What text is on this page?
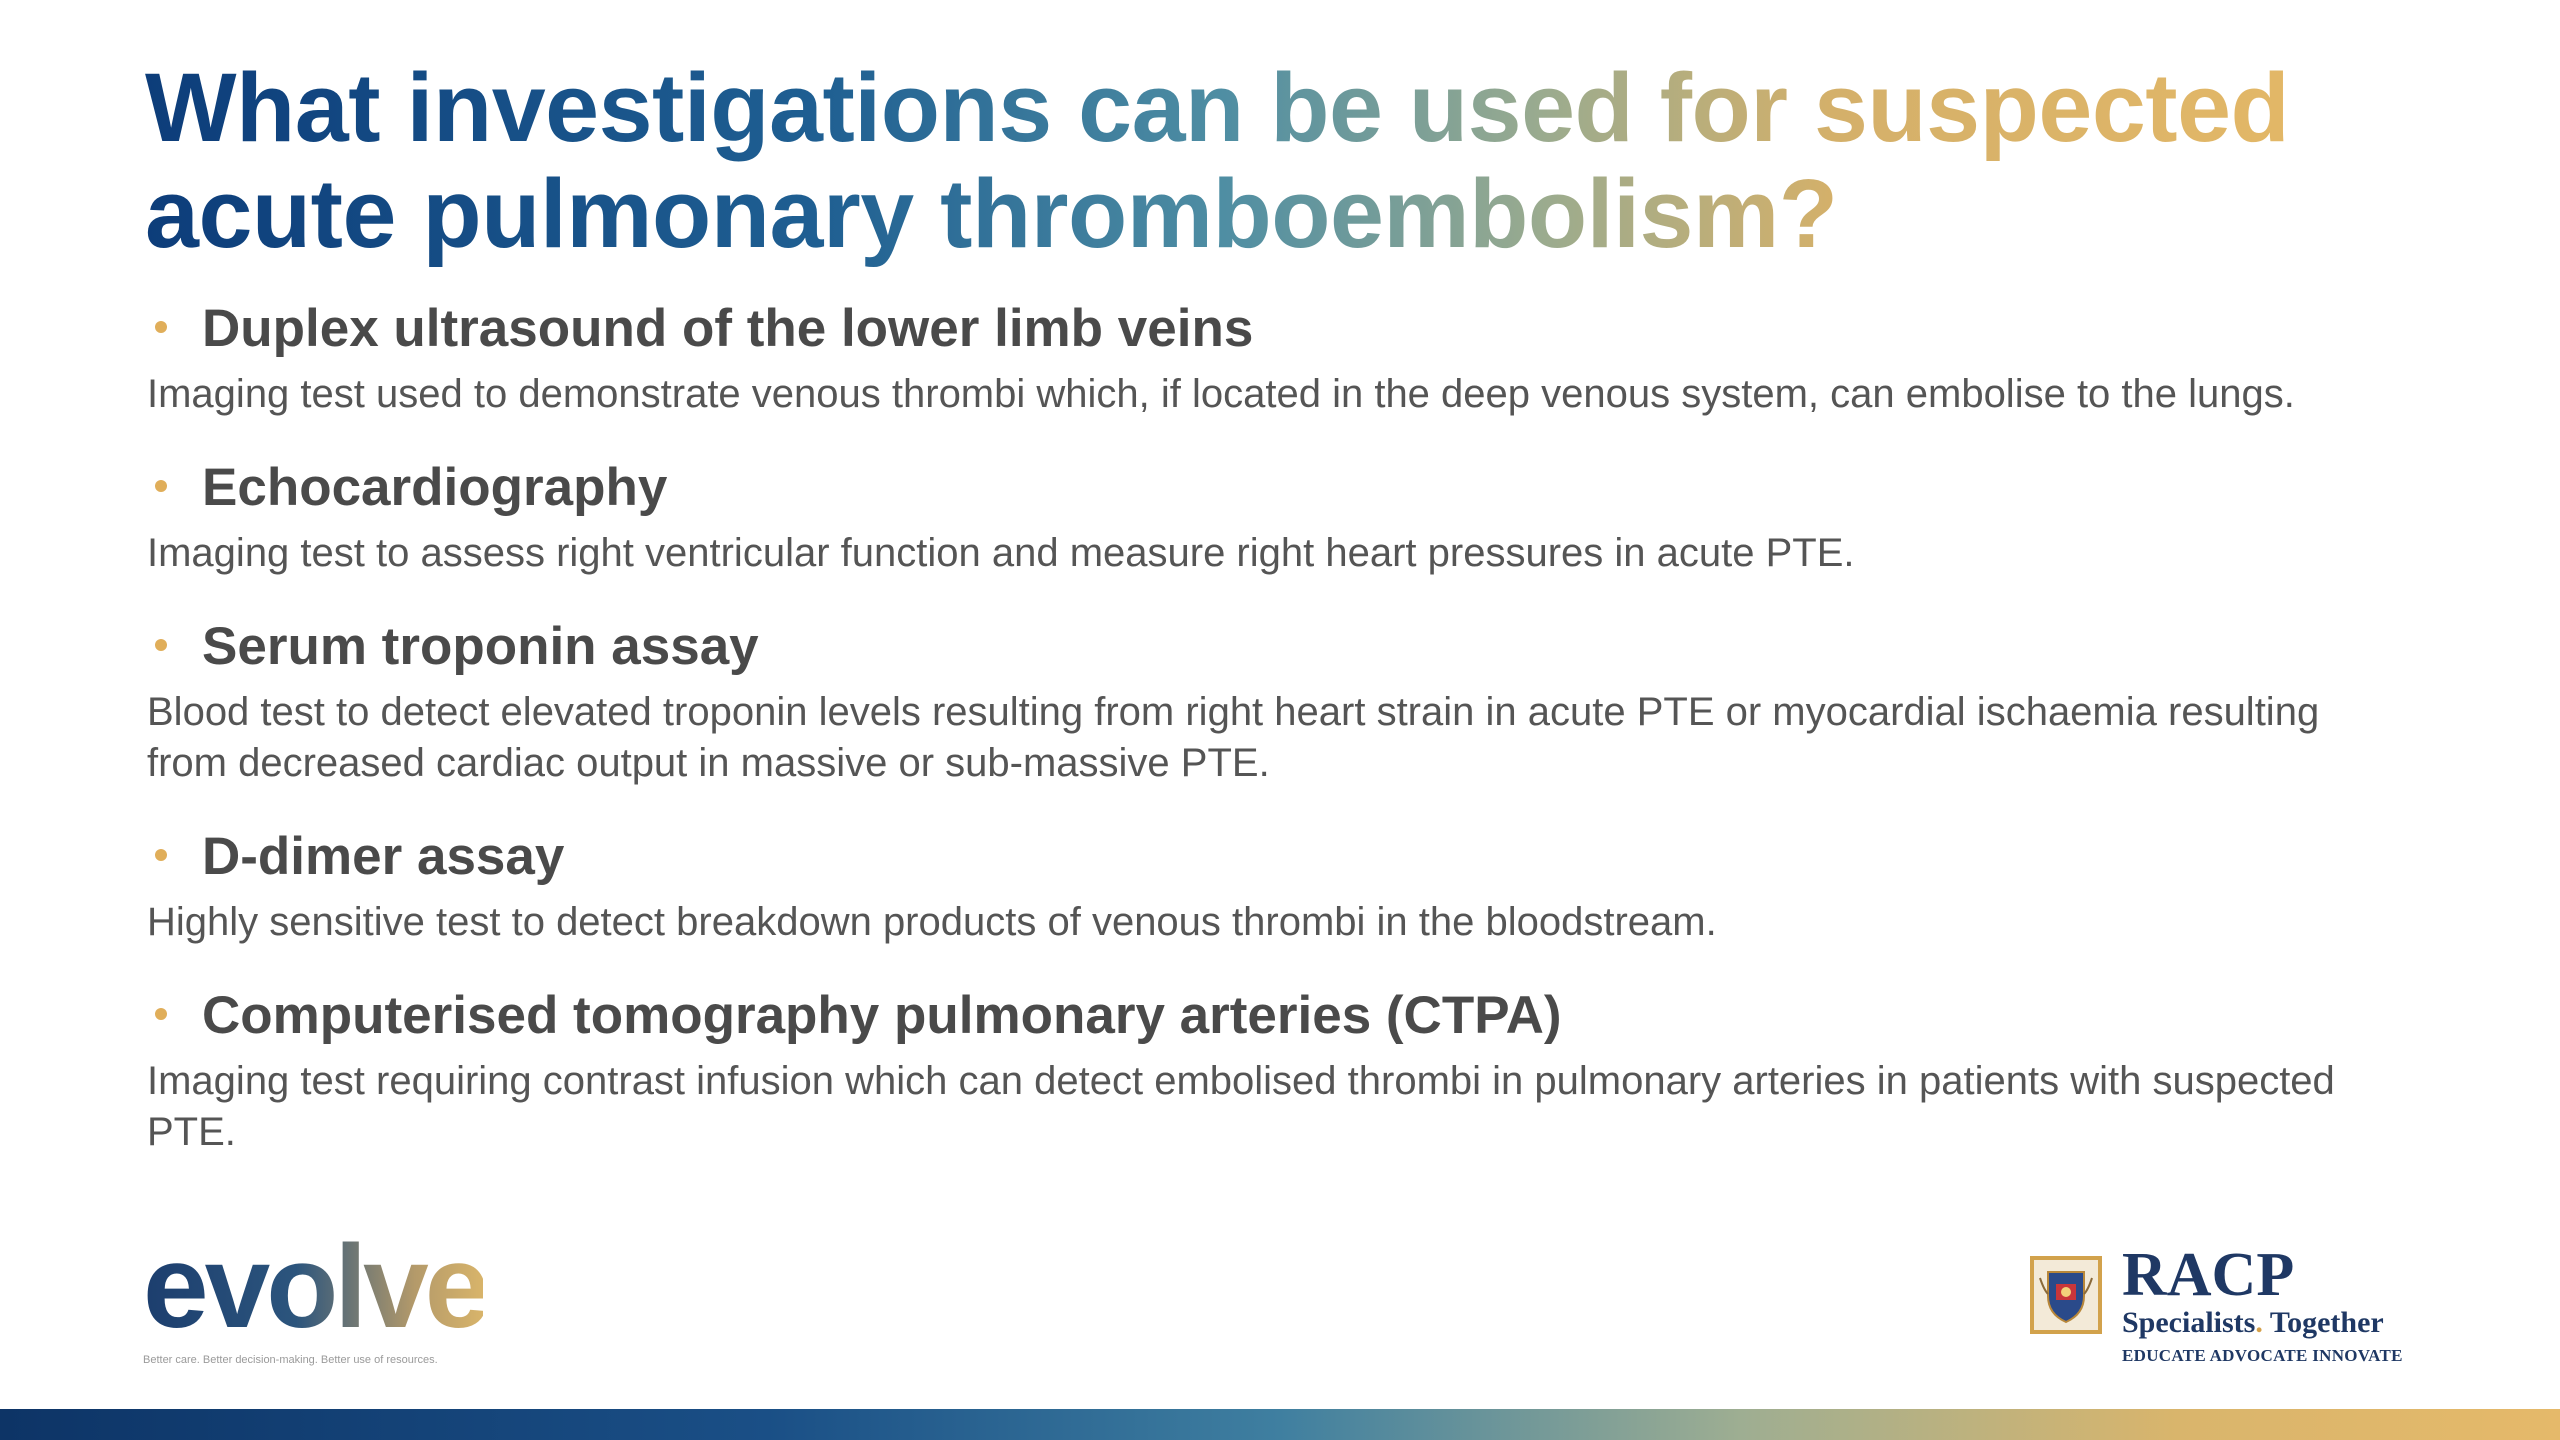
What investigations can be used for suspected acute pulmonary thromboembolism?
Duplex ultrasound of the lower limb veins
Imaging test used to demonstrate venous thrombi which, if located in the deep venous system, can embolise to the lungs.
Echocardiography
Imaging test to assess right ventricular function and measure right heart pressures in acute PTE.
Serum troponin assay
Blood test to detect elevated troponin levels resulting from right heart strain in acute PTE or myocardial ischaemia resulting from decreased cardiac output in massive or sub-massive PTE.
D-dimer assay
Highly sensitive test to detect breakdown products of venous thrombi in the bloodstream.
Computerised tomography pulmonary arteries (CTPA)
Imaging test requiring contrast infusion which can detect embolised thrombi in pulmonary arteries in patients with suspected PTE.
evolve
Better care. Better decision-making. Better use of resources.
RACP
Specialists. Together
EDUCATE ADVOCATE INNOVATE
